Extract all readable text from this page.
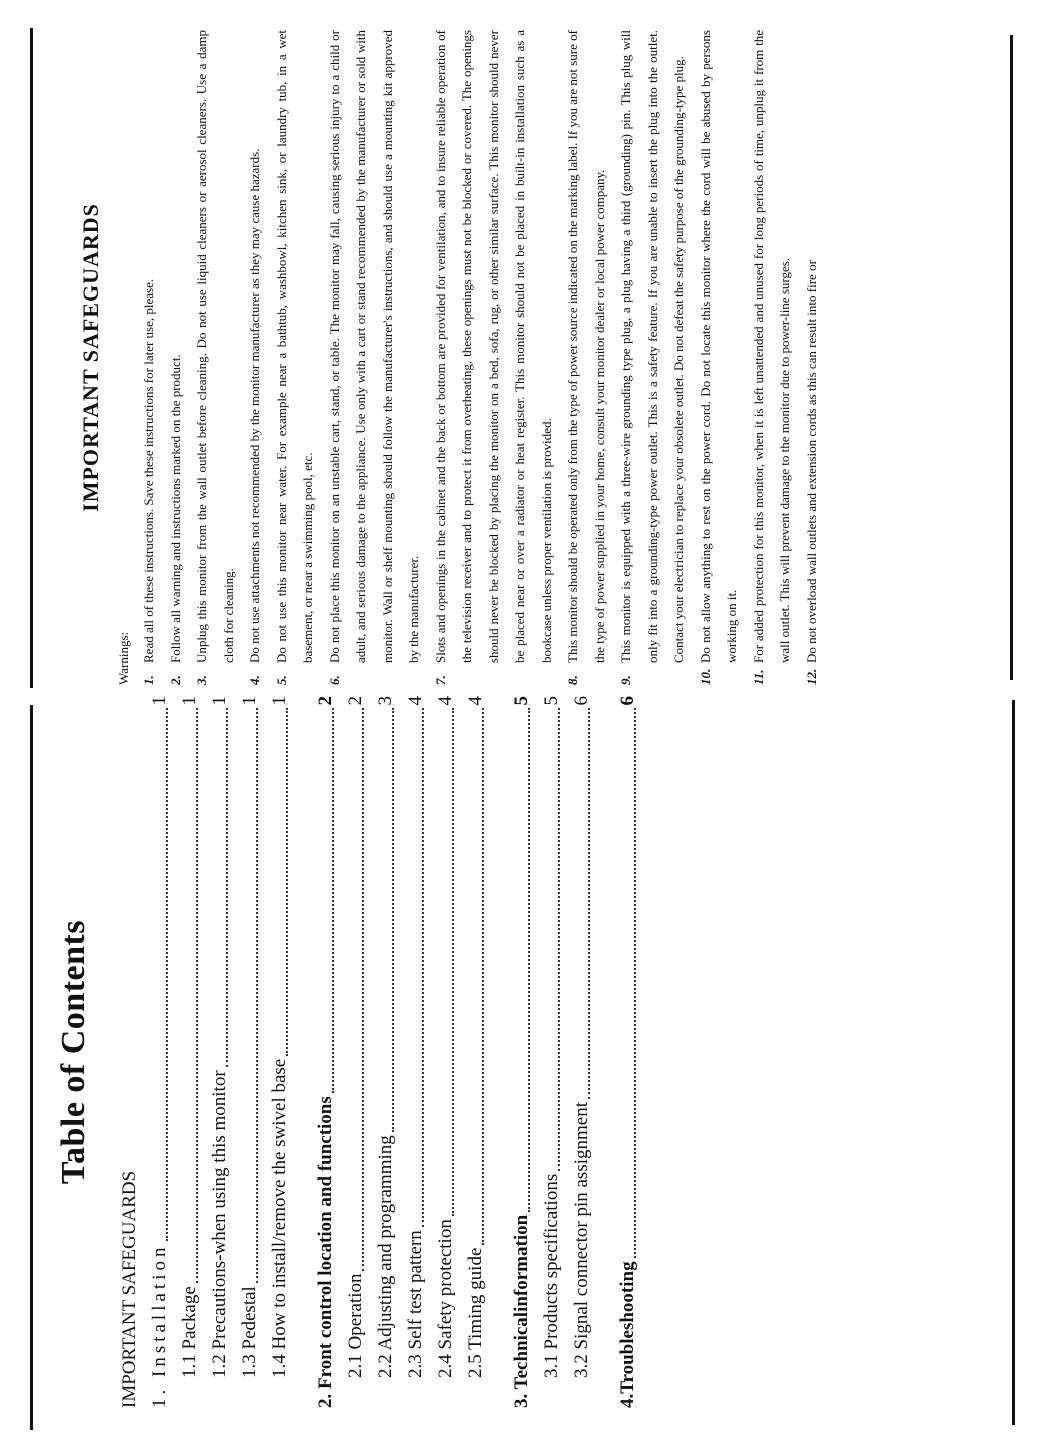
Table of Contents
IMPORTANT SAFEGUARDS 1. Installation
1
1.1 Package
1
1.2 Precautions-when using this monitor
1
1.3 Pedestal
1
1.4 How to install/remove the swivel base
1
2. Front control location and functions
2
2.1 Operation
2
2.2 Adjusting and programming
3
2.3 Self test pattern
4
2.4 Safety protection
4
2.5 Timing guide
4
3. Technicalinformation
5
3.1 Products specifications
5
3.2 Signal connector pin assignment
6
4.Troubleshooting
6
IMPORTANT SAFEGUARDS
Warnings: 1.
Read all of these instructions. Save these instructions for later use, please.
2.
Follow all warning and instructions marked on the product.
3.
Unplug this monitor from the wall outlet before cleaning. Do not use liquid cleaners or aerosol cleaners. Use a damp cloth for cleaning.
4.
Do not use attachments not recommended by the monitor manufacturer as they may cause hazards.
5.
Do not use this monitor near water. For example near a bathtub, washbowl, kitchen sink, or laundry tub, in a wet basement, or near a swimming pool, etc.
6.
Do not place this monitor on an unstable cart, stand, or table. The monitor may fall, causing serious injury to a child or adult, and serious damage to the appliance. Use only with a cart or stand recommended by the manufacturer or sold with monitor. Wall or shelf mounting should follow the manufacturer's instructions, and should use a mounting kit approved by the manufacturer.
7.
Slots and openings in the cabinet and the back or bottom are provided for ventilation, and to insure reliable operation of the television receiver and to protect it from overheating, these openings must not be blocked or covered. The openings should never be blocked by placing the monitor on a bed, sofa, rug, or other similar surface. This monitor should never be placed near or over a radiator or heat register. This monitor should not be placed in built-in installation such as a bookcase unless proper ventilation is provided.
8.
This monitor should be operated only from the type of power source indicated on the marking label. If you are not sure of the type of power supplied in your home, consult your monitor dealer or local power company.
9.
This monitor is equipped with a three-wire grounding type plug, a plug having a third (grounding) pin. This plug will only fit into a grounding-type power outlet. This is a safety feature. If you are unable to insert the plug into the outlet. Contact your electrician to replace your obsolete outlet. Do not defeat the safety purpose of the grounding-type plug.
10.
Do not allow anything to rest on the power cord. Do not locate this monitor where the cord will be abused by persons working on it.
11.
For added protection for this monitor, when it is left unattended and unused for long periods of time, unplug it from the wall outlet. This will prevent damage to the monitor due to power-line surges.
12.
Do not overload wall outlets and extension cords as this can result into fire or
